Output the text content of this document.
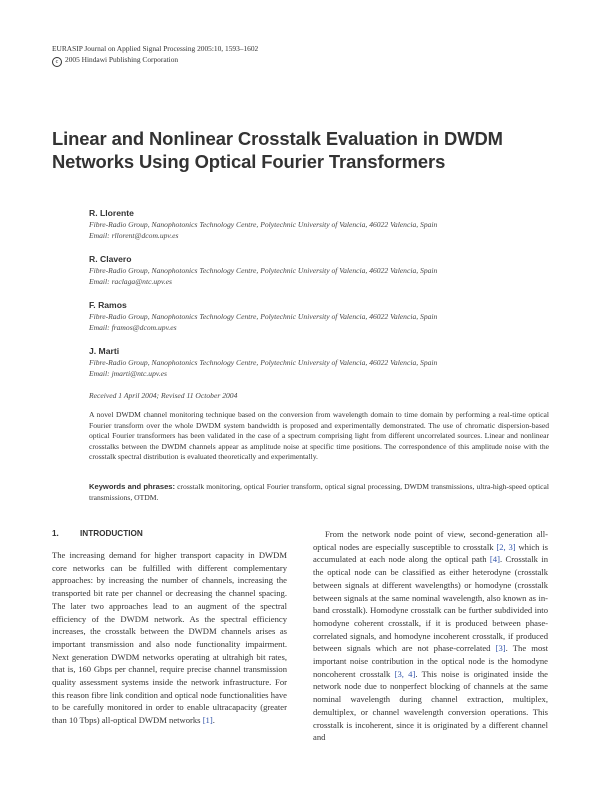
EURASIP Journal on Applied Signal Processing 2005:10, 1593–1602
c 2005 Hindawi Publishing Corporation
Linear and Nonlinear Crosstalk Evaluation in DWDM Networks Using Optical Fourier Transformers
R. Llorente
Fibre-Radio Group, Nanophotonics Technology Centre, Polytechnic University of Valencia, 46022 Valencia, Spain
Email: rllorent@dcom.upv.es
R. Clavero
Fibre-Radio Group, Nanophotonics Technology Centre, Polytechnic University of Valencia, 46022 Valencia, Spain
Email: raclaga@ntc.upv.es
F. Ramos
Fibre-Radio Group, Nanophotonics Technology Centre, Polytechnic University of Valencia, 46022 Valencia, Spain
Email: framos@dcom.upv.es
J. Marti
Fibre-Radio Group, Nanophotonics Technology Centre, Polytechnic University of Valencia, 46022 Valencia, Spain
Email: jmarti@ntc.upv.es
Received 1 April 2004; Revised 11 October 2004

A novel DWDM channel monitoring technique based on the conversion from wavelength domain to time domain by performing a real-time optical Fourier transform over the whole DWDM system bandwidth is proposed and experimentally demonstrated. The use of chromatic dispersion-based optical Fourier transformers has been validated in the case of a spectrum comprising light from different uncorrelated sources. Linear and nonlinear crosstalks between the DWDM channels appear as amplitude noise at specific time positions. The correspondence of this amplitude noise with the crosstalk spectral distribution is evaluated theoretically and experimentally.

Keywords and phrases: crosstalk monitoring, optical Fourier transform, optical signal processing, DWDM transmissions, ultra-high-speed optical transmissions, OTDM.

1.	INTRODUCTION

The increasing demand for higher transport capacity in DWDM core networks can be fulfilled with different complementary approaches: by increasing the number of channels, increasing the transported bit rate per channel or decreasing the channel spacing. The later two approaches lead to an augment of the spectral efficiency of the DWDM network. As the spectral efficiency increases, the crosstalk between the DWDM channels arises as important transmission and also node functionality impairment. Next generation DWDM networks operating at ultrahigh bit rates, that is, 160 Gbps per channel, require precise channel transmission quality assessment systems inside the network infrastructure. For this reason fibre link condition and optical node functionalities have to be carefully monitored in order to enable ultracapacity (greater than 10 Tbps) all-optical DWDM networks [1].

From the network node point of view, second-generation all-optical nodes are especially susceptible to crosstalk [2, 3] which is accumulated at each node along the optical path [4]. Crosstalk in the optical node can be classified as either heterodyne (crosstalk between signals at different wavelengths) or homodyne (crosstalk between signals at the same nominal wavelength, also known as in-band crosstalk). Homodyne crosstalk can be further subdivided into homodyne coherent crosstalk, if it is produced between phase-correlated signals, and homodyne incoherent crosstalk, if produced between signals which are not phase-correlated [3]. The most important noise contribution in the optical node is the homodyne noncoherent crosstalk [3, 4]. This noise is originated inside the network node due to nonperfect blocking of channels at the same nominal wavelength during channel extraction, multiplex, demultiplex, or channel wavelength conversion operations. This crosstalk is incoherent, since it is originated by a different channel and
